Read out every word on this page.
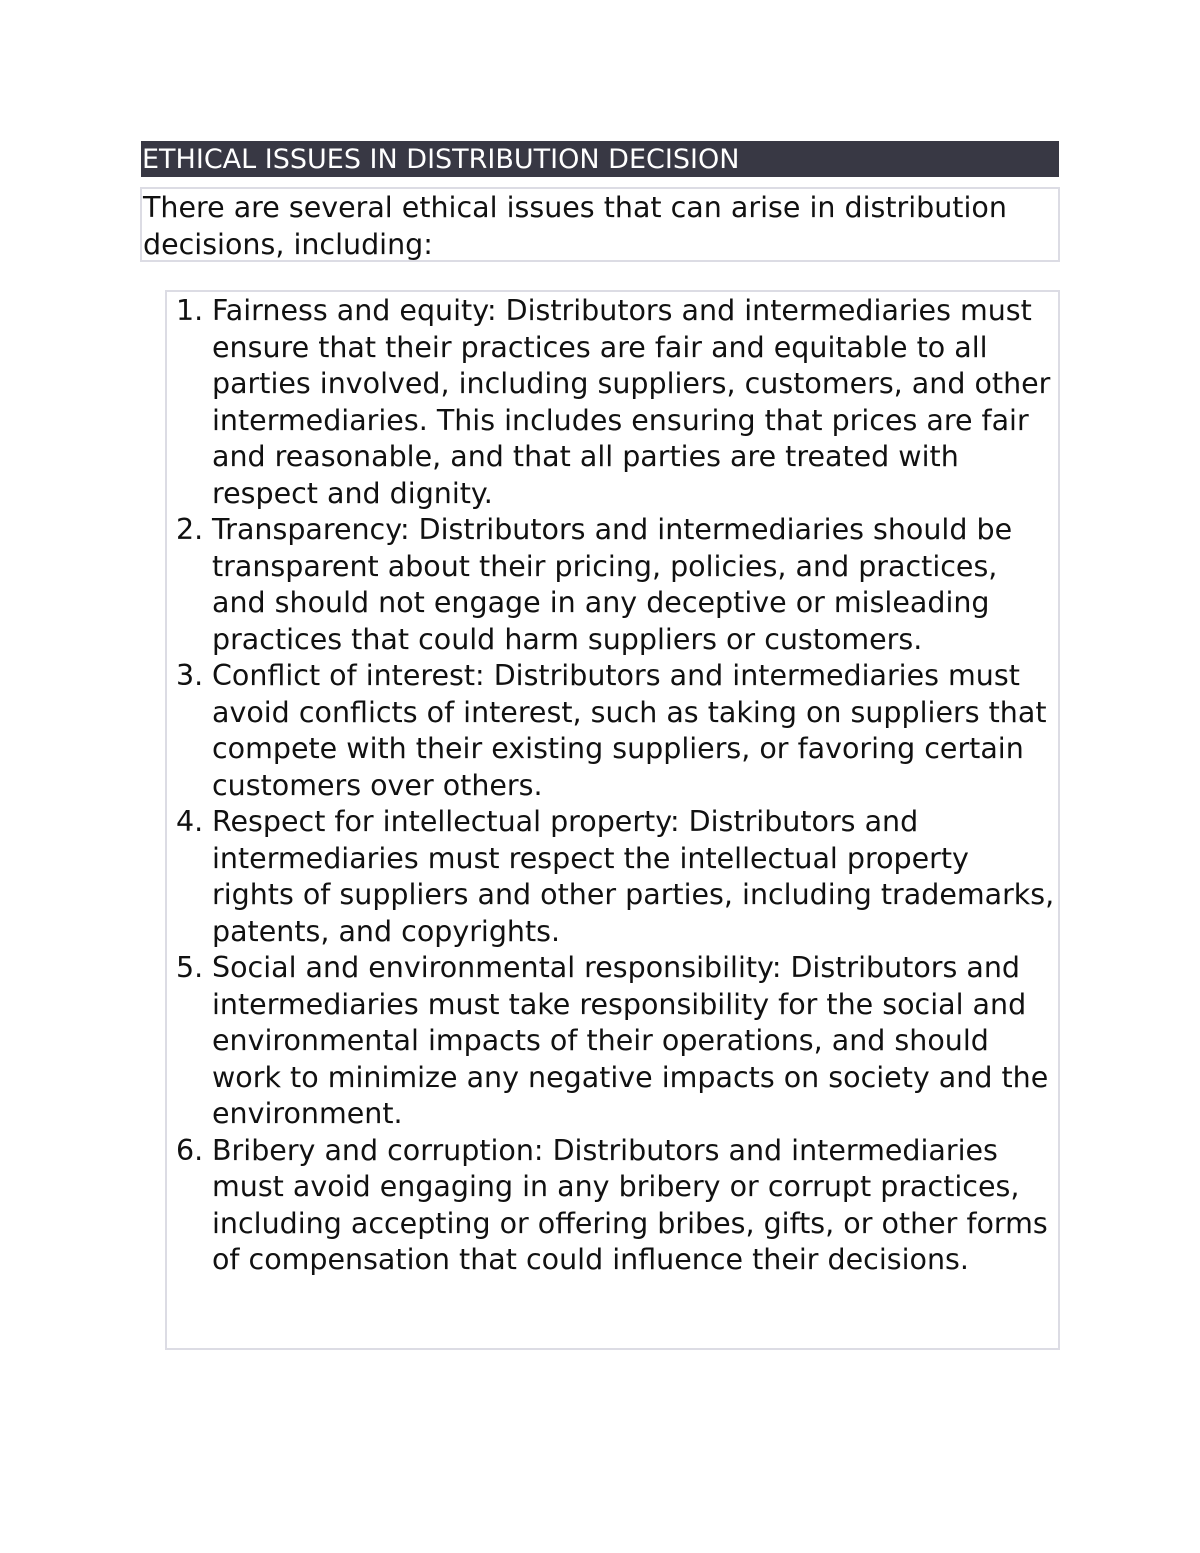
ETHICAL ISSUES IN DISTRIBUTION DECISION
There are several ethical issues that can arise in distribution decisions, including:
1. Fairness and equity: Distributors and intermediaries must ensure that their practices are fair and equitable to all parties involved, including suppliers, customers, and other intermediaries. This includes ensuring that prices are fair and reasonable, and that all parties are treated with respect and dignity.
2. Transparency: Distributors and intermediaries should be transparent about their pricing, policies, and practices, and should not engage in any deceptive or misleading practices that could harm suppliers or customers.
3. Conflict of interest: Distributors and intermediaries must avoid conflicts of interest, such as taking on suppliers that compete with their existing suppliers, or favoring certain customers over others.
4. Respect for intellectual property: Distributors and intermediaries must respect the intellectual property rights of suppliers and other parties, including trademarks, patents, and copyrights.
5. Social and environmental responsibility: Distributors and intermediaries must take responsibility for the social and environmental impacts of their operations, and should work to minimize any negative impacts on society and the environment.
6. Bribery and corruption: Distributors and intermediaries must avoid engaging in any bribery or corrupt practices, including accepting or offering bribes, gifts, or other forms of compensation that could influence their decisions.
